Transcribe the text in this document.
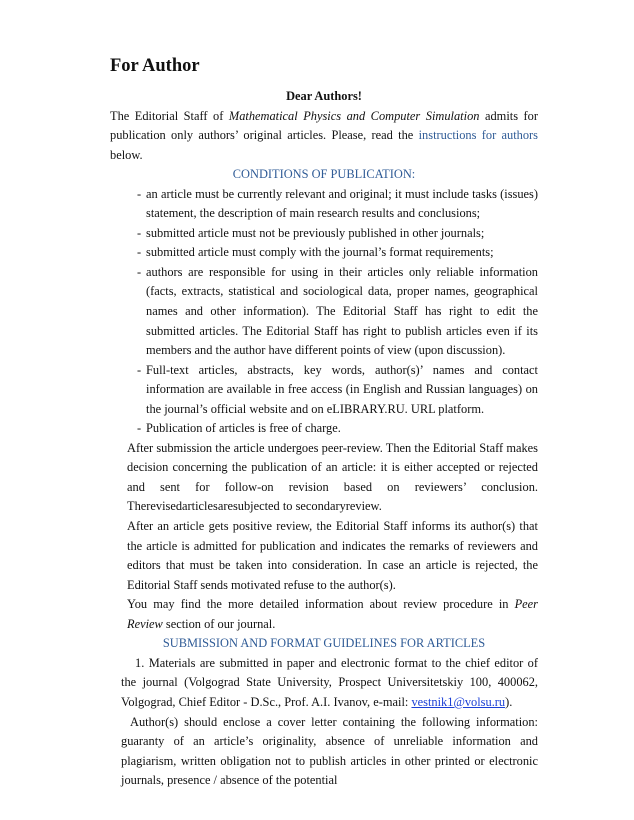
For Author
Dear Authors!

The Editorial Staff of Mathematical Physics and Computer Simulation admits for publication only authors’ original articles. Please, read the instructions for authors below.

CONDITIONS OF PUBLICATION:
- an article must be currently relevant and original; it must include tasks (issues) statement, the description of main research results and conclusions;
- submitted article must not be previously published in other journals;
- submitted article must comply with the journal’s format requirements;
- authors are responsible for using in their articles only reliable information (facts, extracts, statistical and sociological data, proper names, geographical names and other information). The Editorial Staff has right to edit the submitted articles. The Editorial Staff has right to publish articles even if its members and the author have different points of view (upon discussion).
- Full-text articles, abstracts, key words, author(s)’ names and contact information are available in free access (in English and Russian languages) on the journal’s official website and on eLIBRARY.RU. URL platform.
- Publication of articles is free of charge.

After submission the article undergoes peer-review. Then the Editorial Staff makes decision concerning the publication of an article: it is either accepted or rejected and sent for follow-on revision based on reviewers’ conclusion. Therevisedarticlesaresubjected to secondaryreview.

After an article gets positive review, the Editorial Staff informs its author(s) that the article is admitted for publication and indicates the remarks of reviewers and editors that must be taken into consideration. In case an article is rejected, the Editorial Staff sends motivated refuse to the author(s).

You may find the more detailed information about review procedure in Peer Review section of our journal.

SUBMISSION AND FORMAT GUIDELINES FOR ARTICLES

1. Materials are submitted in paper and electronic format to the chief editor of the journal (Volgograd State University, Prospect Universitetskiy 100, 400062, Volgograd, Chief Editor - D.Sc., Prof. A.I. Ivanov, e-mail: vestnik1@volsu.ru).

Author(s) should enclose a cover letter containing the following information: guaranty of an article’s originality, absence of unreliable information and plagiarism, written obligation not to publish articles in other printed or electronic journals, presence / absence of the potential
